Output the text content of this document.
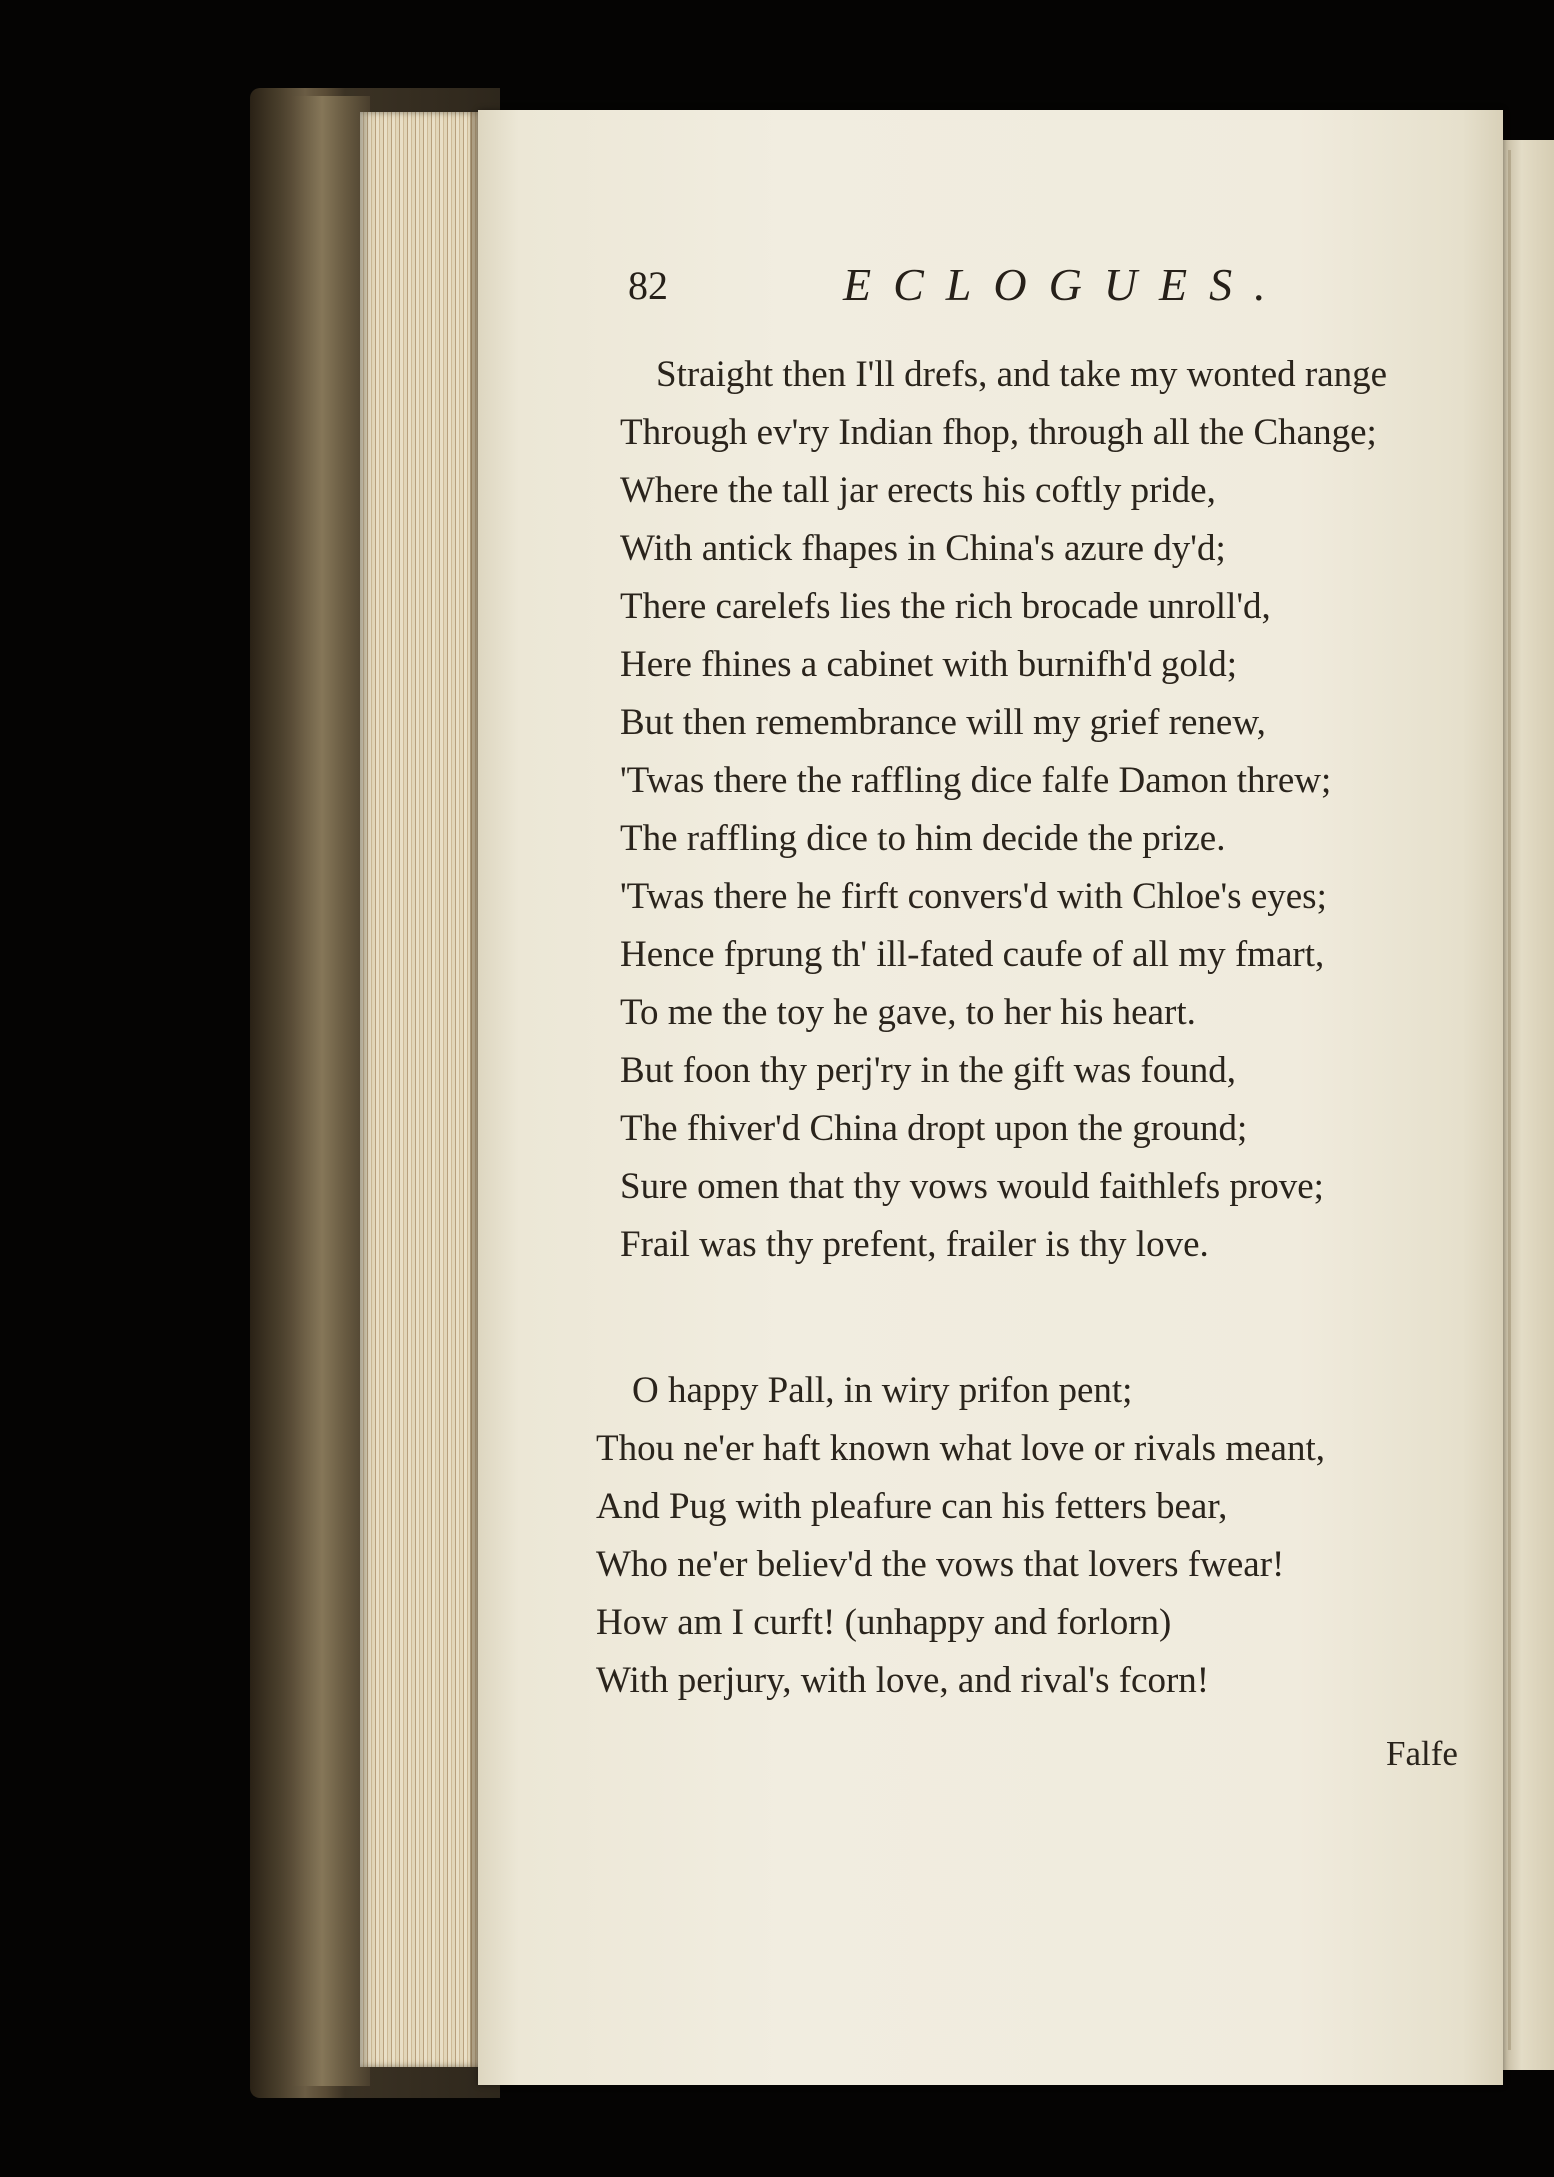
82	ECLOGUES.
Straight then I'll drefs, and take my wonted range
Through ev'ry Indian fhop, through all the Change;
Where the tall jar erects his coftly pride,
With antick fhapes in China's azure dy'd;
There carelefs lies the rich brocade unroll'd,
Here fhines a cabinet with burnifh'd gold;
But then remembrance will my grief renew,
'Twas there the raffling dice falfe Damon threw;
The raffling dice to him decide the prize.
'Twas there he firft convers'd with Chloe's eyes;
Hence fprung th' ill-fated caufe of all my fmart,
To me the toy he gave, to her his heart.
But foon thy perj'ry in the gift was found,
The fhiver'd China dropt upon the ground;
Sure omen that thy vows would faithlefs prove;
Frail was thy prefent, frailer is thy love.
O happy Pall, in wiry prifon pent;
Thou ne'er haft known what love or rivals meant,
And Pug with pleafure can his fetters bear,
Who ne'er believ'd the vows that lovers fwear!
How am I curft! (unhappy and forlorn)
With perjury, with love, and rival's fcorn!
Falfe
